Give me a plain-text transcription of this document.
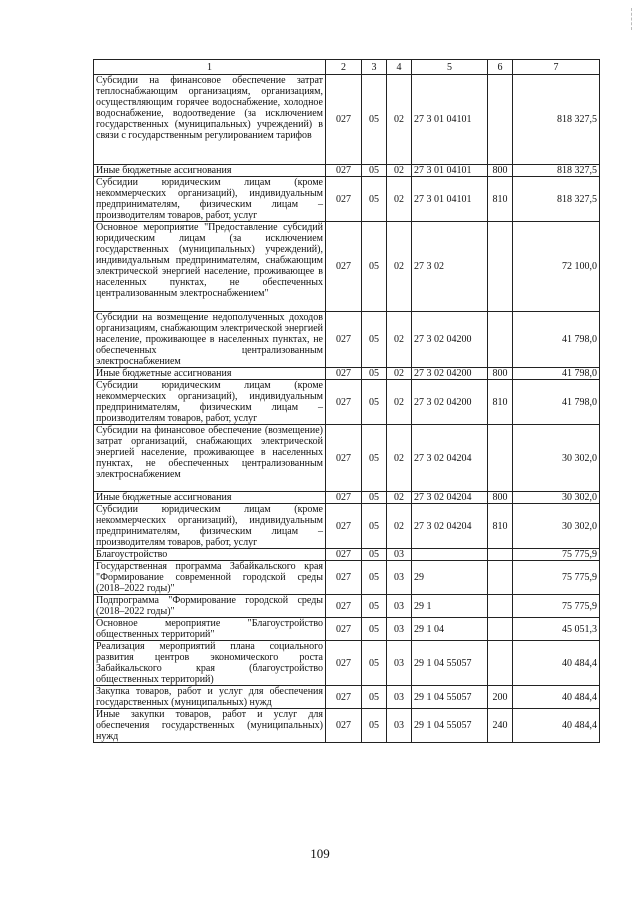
1	2	3	4	5	6	7
Субсидии на финансовое обеспечение затрат теплоснабжающим организациям, организациям, осуществляющим горячее водоснабжение, холодное водоснабжение, водоотведение (за исключением государственных (муниципальных) учреждений) в связи с государственным регулированием тарифов	027	05	02	27 3 01 04101		818 327,5
Иные бюджетные ассигнования	027	05	02	27 3 01 04101	800	818 327,5
Субсидии юридическим лицам (кроме некоммерческих организаций), индивидуальным предпринимателям, физическим лицам – производителям товаров, работ, услуг	027	05	02	27 3 01 04101	810	818 327,5
Основное мероприятие "Предоставление субсидий юридическим лицам (за исключением государственных (муниципальных) учреждений), индивидуальным предпринимателям, снабжающим электрической энергией население, проживающее в населенных пунктах, не обеспеченных централизованным электроснабжением"	027	05	02	27 3 02		72 100,0
Субсидии на возмещение недополученных доходов организациям, снабжающим электрической энергией население, проживающее в населенных пунктах, не обеспеченных централизованным электроснабжением	027	05	02	27 3 02 04200		41 798,0
Иные бюджетные ассигнования	027	05	02	27 3 02 04200	800	41 798,0
Субсидии юридическим лицам (кроме некоммерческих организаций), индивидуальным предпринимателям, физическим лицам – производителям товаров, работ, услуг	027	05	02	27 3 02 04200	810	41 798,0
Субсидии на финансовое обеспечение (возмещение) затрат организаций, снабжающих электрической энергией население, проживающее в населенных пунктах, не обеспеченных централизованным электроснабжением	027	05	02	27 3 02 04204		30 302,0
Иные бюджетные ассигнования	027	05	02	27 3 02 04204	800	30 302,0
Субсидии юридическим лицам (кроме некоммерческих организаций), индивидуальным предпринимателям, физическим лицам – производителям товаров, работ, услуг	027	05	02	27 3 02 04204	810	30 302,0
Благоустройство	027	05	03			75 775,9
Государственная программа Забайкальского края "Формирование современной городской среды (2018–2022 годы)"	027	05	03	29		75 775,9
Подпрограмма "Формирование городской среды (2018–2022 годы)"	027	05	03	29 1		75 775,9
Основное мероприятие "Благоустройство общественных территорий"	027	05	03	29 1 04		45 051,3
Реализация мероприятий плана социального развития центров экономического роста Забайкальского края (благоустройство общественных территорий)	027	05	03	29 1 04 55057		40 484,4
Закупка товаров, работ и услуг для обеспечения государственных (муниципальных) нужд	027	05	03	29 1 04 55057	200	40 484,4
Иные закупки товаров, работ и услуг для обеспечения государственных (муниципальных) нужд	027	05	03	29 1 04 55057	240	40 484,4
109
